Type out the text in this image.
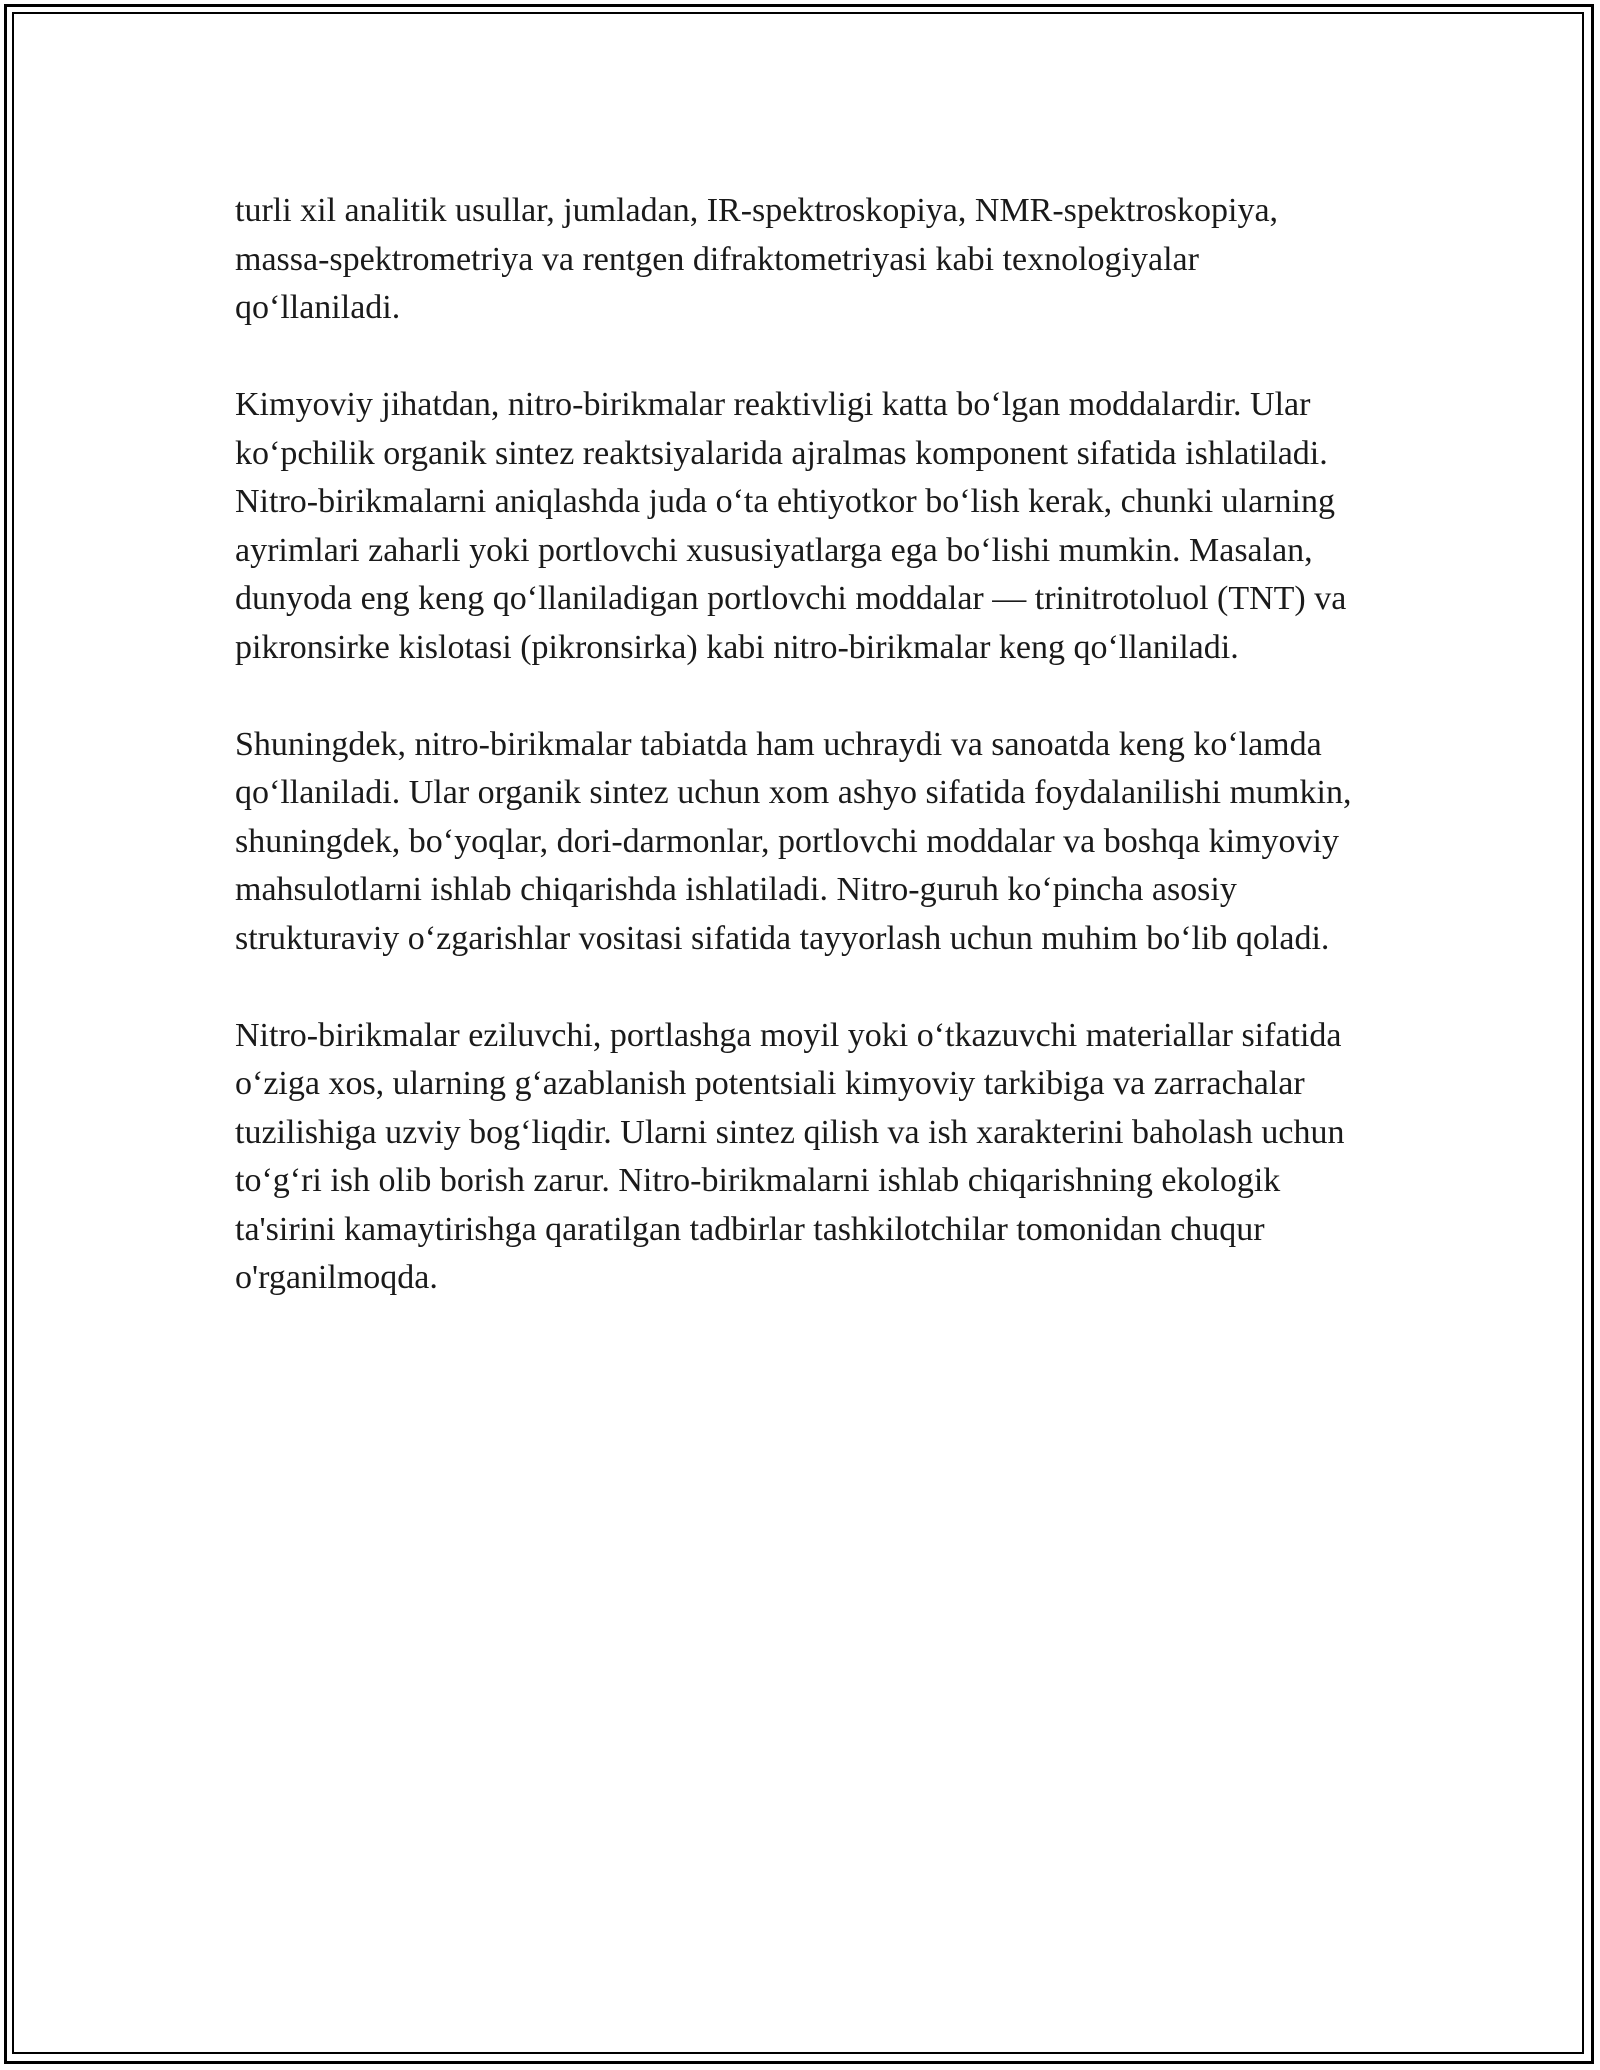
turli xil analitik usullar, jumladan, IR-spektroskopiya, NMR-spektroskopiya, massa-spektrometriya va rentgen difraktometriyasi kabi texnologiyalar qo‘llaniladi.

Kimyoviy jihatdan, nitro-birikmalar reaktivligi katta bo‘lgan moddalardir. Ular ko‘pchilik organik sintez reaktsiyalarida ajralmas komponent sifatida ishlatiladi. Nitro-birikmalarni aniqlashda juda o‘ta ehtiyotkor bo‘lish kerak, chunki ularning ayrimlari zaharli yoki portlovchi xususiyatlarga ega bo‘lishi mumkin. Masalan, dunyoda eng keng qo‘llaniladigan portlovchi moddalar — trinitrotoluol (TNT) va pikronsirke kislotasi (pikronsirka) kabi nitro-birikmalar keng qo‘llaniladi.

Shuningdek, nitro-birikmalar tabiatda ham uchraydi va sanoatda keng ko‘lamda qo‘llaniladi. Ular organik sintez uchun xom ashyo sifatida foydalanilishi mumkin, shuningdek, bo‘yoqlar, dori-darmonlar, portlovchi moddalar va boshqa kimyoviy mahsulotlarni ishlab chiqarishda ishlatiladi. Nitro-guruh ko‘pincha asosiy strukturaviy o‘zgarishlar vositasi sifatida tayyorlash uchun muhim bo‘lib qoladi.

Nitro-birikmalar eziluvchi, portlashga moyil yoki o‘tkazuvchi materiallar sifatida o‘ziga xos, ularning g‘azablanish potentsiali kimyoviy tarkibiga va zarrachalar tuzilishiga uzviy bog‘liqdir. Ularni sintez qilish va ish xarakterini baholash uchun to‘g‘ri ish olib borish zarur. Nitro-birikmalarni ishlab chiqarishning ekologik ta'sirini kamaytirishga qaratilgan tadbirlar tashkilotchilar tomonidan chuqur o'rganilmoqda.
